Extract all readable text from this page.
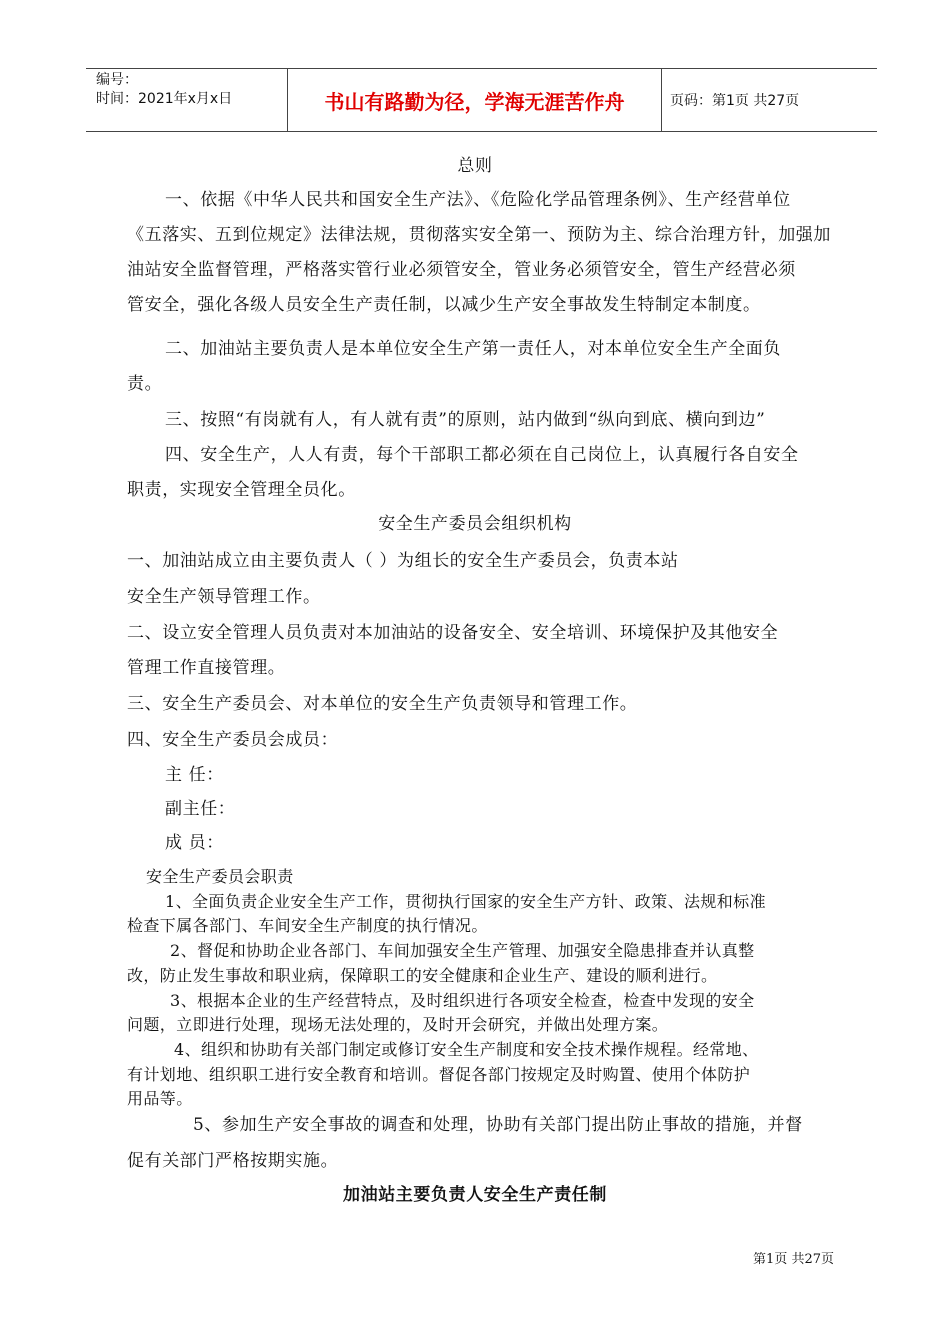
编号：
时间：2021年x月x日	书山有路勤为径，学海无涯苦作舟	页码：第1页 共27页
总则
一、依据《中华人民共和国安全生产法》、《危险化学品管理条例》、生产经营单位
《五落实、五到位规定》法律法规，贯彻落实安全第一、预防为主、综合治理方针，加强加
油站安全监督管理，严格落实管行业必须管安全，管业务必须管安全，管生产经营必须
管安全，强化各级人员安全生产责任制，以减少生产安全事故发生特制定本制度。
二、加油站主要负责人是本单位安全生产第一责任人，对本单位安全生产全面负
责。
三、按照“有岗就有人，有人就有责”的原则，站内做到“纵向到底、横向到边”
四、安全生产，人人有责，每个干部职工都必须在自己岗位上，认真履行各自安全
职责，实现安全管理全员化。
安全生产委员会组织机构
一、加油站成立由主要负责人（ ）为组长的安全生产委员会，负责本站
安全生产领导管理工作。
二、设立安全管理人员负责对本加油站的设备安全、安全培训、环境保护及其他安全
管理工作直接管理。
三、安全生产委员会、对本单位的安全生产负责领导和管理工作。
四、安全生产委员会成员：
主 任：
副主任：
成 员：
安全生产委员会职责
1、全面负责企业安全生产工作，贯彻执行国家的安全生产方针、政策、法规和标准
检查下属各部门、车间安全生产制度的执行情况。
2、督促和协助企业各部门、车间加强安全生产管理、加强安全隐患排查并认真整
改，防止发生事故和职业病，保障职工的安全健康和企业生产、建设的顺利进行。
3、根据本企业的生产经营特点，及时组织进行各项安全检查，检查中发现的安全
问题，立即进行处理，现场无法处理的，及时开会研究，并做出处理方案。
4、组织和协助有关部门制定或修订安全生产制度和安全技术操作规程。经常地、
有计划地、组织职工进行安全教育和培训。督促各部门按规定及时购置、使用个体防护
用品等。
5、参加生产安全事故的调查和处理，协助有关部门提出防止事故的措施，并督
促有关部门严格按期实施。
加油站主要负责人安全生产责任制
第1页 共27页
